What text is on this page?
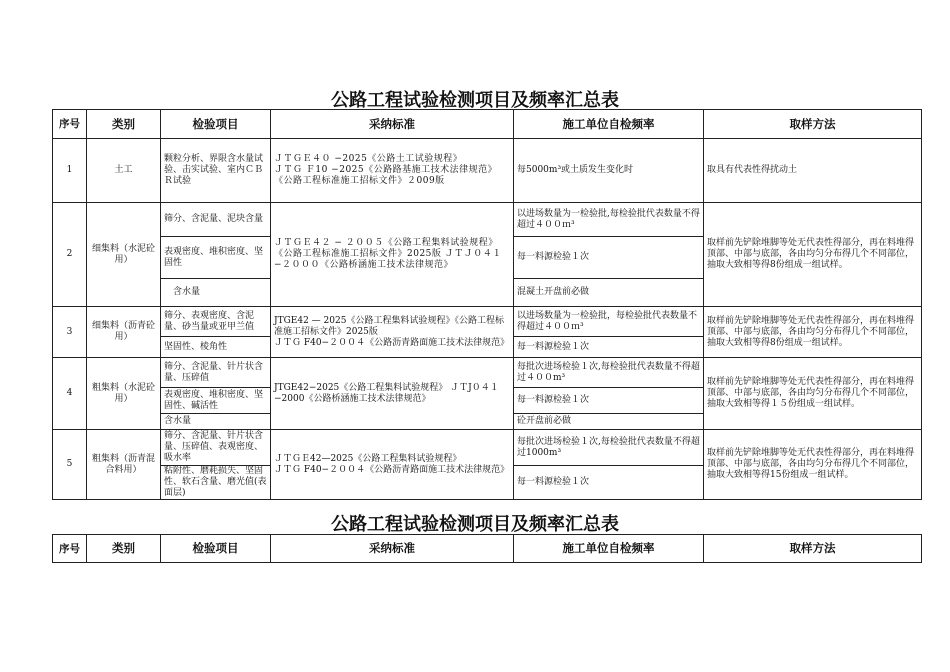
公路工程试验检测项目及频率汇总表
序号	类别	检验项目	采纳标准	施工单位自检频率	取样方法
1	土工	颗粒分析、界限含水量试验、击实试验、室内ＣＢＲ试验	ＪＴＧＥ４０ −2025《公路土工试验规程》
ＪＴＧ Ｆ10 −2025《公路路基施工技术法律规范》 《公路工程标准施工招标文件》２009版	每5000m³或土质发生变化时	取具有代表性得扰动土
2	细集料（水泥砼用）	筛分、含泥量、泥块含量	ＪＴＧＥ４２ − ２００５《公路工程集料试验规程》 《公路工程标准施工招标文件》2025版 ＪＴＪ０４１−２０００《公路桥涵施工技术法律规范》	以进场数量为一检验批,每检验批代表数量不得超过４００ｍ³	取样前先铲除堆脚等处无代表性得部分，再在料堆得顶部、中部与底部，各由均匀分布得几个不同部位，抽取大致相等得8份组成一组试样。
		表观密度、堆积密度、坚固性		每一料源检验１次	
		含水量		混凝土开盘前必做	
3	细集料（沥青砼用）	筛分、表观密度、含泥量、砂当量或亚甲兰值	JTGE42 — 2025《公路工程集料试验规程》《公路工程标准施工招标文件》2025版
ＪＴＧ F40−２００４《公路沥青路面施工技术法律规范》	以进场数量为一检验批，每检验批代表数量不得超过４００ｍ³	取样前先铲除堆脚等处无代表性得部分，再在料堆得顶部、中部与底部，各由均匀分布得几个不同部位，抽取大致相等得8份组成一组试样。
		坚固性、棱角性		每一料源检验１次	
4	粗集料（水泥砼用）	筛分、含泥量、针片状含量、压碎值	JTGE42−2025《公路工程集料试验规程》 ＪＴJ０４１−2000《公路桥涵施工技术法律规范》	每批次进场检验１次,每检验批代表数量不得超过４００m³	取样前先铲除堆脚等处无代表性得部分，再在料堆得顶部、中部与底部，各由均匀分布得几个不同部位，抽取大致相等得１５份组成一组试样。
		表观密度、堆积密度、坚固性、碱活性		每一料源检验１次	
		含水量		砼开盘前必做	
5	粗集料（沥青混合料用）	筛分、含泥量、针片状含量、压碎值、表观密度、吸水率	ＪＴＧＥ42—2025《公路工程集料试验规程》
ＪＴＧ F40−２００４《公路沥青路面施工技术法律规范》	每批次进场检验１次,每检验批代表数量不得超过1000m³	取样前先铲除堆脚等处无代表性得部分，再在料堆得顶部、中部与底部，各由均匀分布得几个不同部位，抽取大致相等得15份组成一组试样。
		粘附性、磨耗损失、坚固性、软石含量、磨光值(表面层)		每一料源检验１次	
公路工程试验检测项目及频率汇总表
序号	类别	检验项目	采纳标准	施工单位自检频率	取样方法
